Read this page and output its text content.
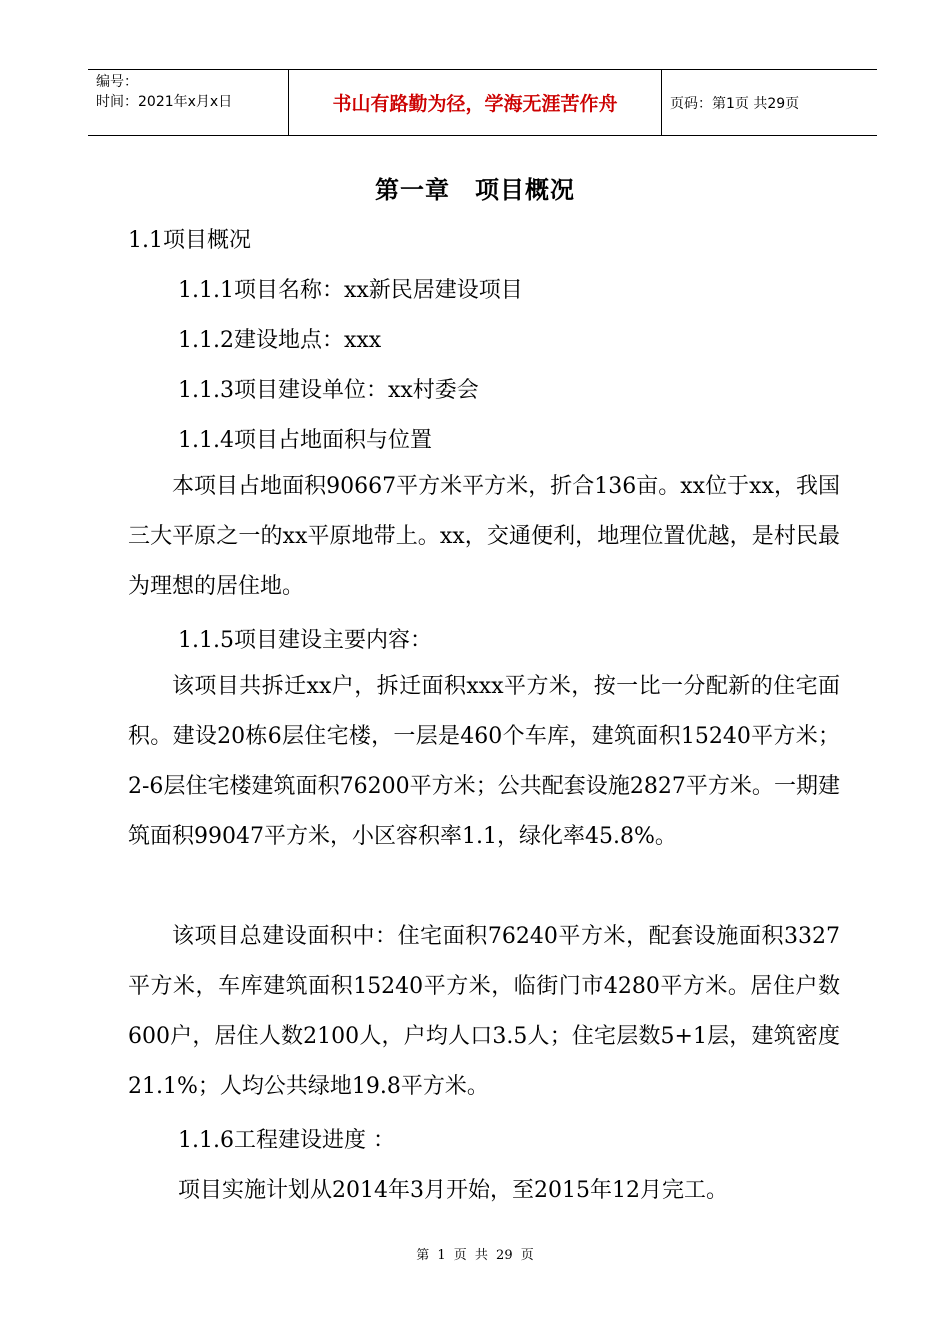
编号：
时间：2021年x月x日	书山有路勤为径，学海无涯苦作舟	页码：第1页 共29页
第一章　项目概况
1.1项目概况
1.1.1项目名称：xx新民居建设项目
1.1.2建设地点：xxx
1.1.3项目建设单位：xx村委会
1.1.4项目占地面积与位置

本项目占地面积90667平方米平方米，折合136亩。xx位于xx，我国三大平原之一的xx平原地带上。xx，交通便利，地理位置优越，是村民最为理想的居住地。

1.1.5项目建设主要内容：

该项目共拆迁xx户，拆迁面积xxx平方米，按一比一分配新的住宅面积。建设20栋6层住宅楼，一层是460个车库，建筑面积15240平方米；2-6层住宅楼建筑面积76200平方米；公共配套设施2827平方米。一期建筑面积99047平方米，小区容积率1.1，绿化率45.8%。

该项目总建设面积中：住宅面积76240平方米，配套设施面积3327平方米，车库建筑面积15240平方米，临街门市4280平方米。居住户数600户，居住人数2100人，户均人口3.5人；住宅层数5+1层，建筑密度21.1%；人均公共绿地19.8平方米。

1.1.6工程建设进度 ：
项目实施计划从2014年3月开始，至2015年12月完工。
第 1 页 共 29 页
